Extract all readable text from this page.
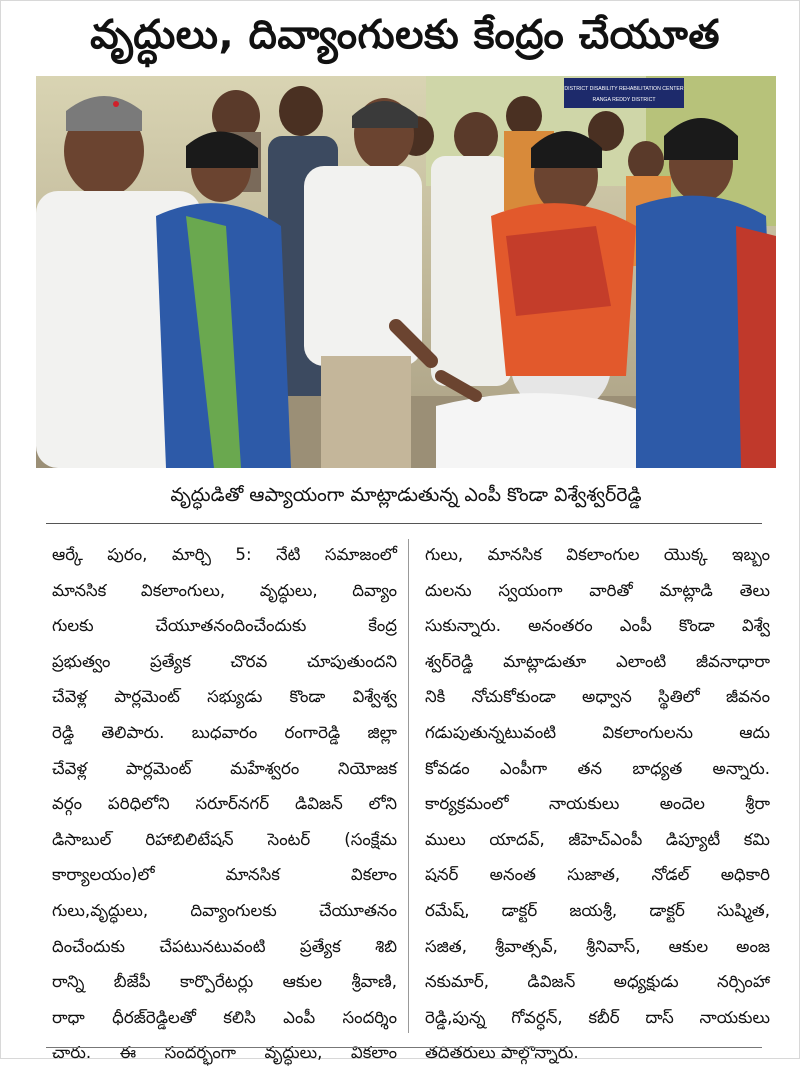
వృద్ధులు, దివ్యాంగులకు కేంద్రం చేయూత
DISTRICT DISABILITY REHABILITATION CENTER
RANGA REDDY DISTRICT

వృద్ధుడితో ఆప్యాయంగా మాట్లాడుతున్న ఎంపీ కొండా విశ్వేశ్వర్‌రెడ్డి

ఆర్కే పురం, మార్చి 5: నేటి సమాజంలో
మానసిక వికలాంగులు, వృద్ధులు, దివ్యాం
గులకు చేయూతనందించేందుకు కేంద్ర
ప్రభుత్వం ప్రత్యేక చొరవ చూపుతుందని
చేవెళ్ల పార్లమెంట్ సభ్యుడు కొండా విశ్వేశ్వ
రెడ్డి తెలిపారు. బుధవారం రంగారెడ్డి జిల్లా
చేవెళ్ల పార్లమెంట్ మహేశ్వరం నియోజక
వర్గం పరిధిలోని సరూర్‌నగర్ డివిజన్ లోని
డిసాబుల్ రిహాబిలిటేషన్ సెంటర్ (సంక్షేమ
కార్యాలయం)లో మానసిక వికలాం
గులు,వృద్ధులు, దివ్యాంగులకు చేయూతనం
దించేందుకు చేపటునటువంటి ప్రత్యేక శిబి
రాన్ని బీజేపీ కార్పొరేటర్లు ఆకుల శ్రీవాణి,
రాధా ధీరజ్‌రెడ్డిలతో కలిసి ఎంపీ సందర్శిం
చారు. ఈ సందర్భంగా వృద్ధులు, వికలాం
గులు, మానసిక వికలాంగుల యొక్క ఇబ్బం
దులను స్వయంగా వారితో మాట్లాడి తెలు
సుకున్నారు. అనంతరం ఎంపీ కొండా విశ్వే
శ్వర్‌రెడ్డి మాట్లాడుతూ ఎలాంటి జీవనాధారా
నికి నోచుకోకుండా అధ్వాన స్థితిలో జీవనం
గడుపుతున్నటువంటి వికలాంగులను ఆదు
కోవడం ఎంపీగా తన బాధ్యత అన్నారు.
కార్యక్రమంలో నాయకులు అందెల శ్రీరా
ములు యాదవ్, జీహెచ్ఎంపీ డిప్యూటీ కమి
షనర్ అనంత సుజాత, నోడల్ అధికారి
రమేష్, డాక్టర్ జయశ్రీ, డాక్టర్ సుష్మిత,
సజిత, శ్రీవాత్సవ్, శ్రీనివాస్, ఆకుల అంజ
నకుమార్, డివిజన్ అధ్యక్షుడు నర్సింహా
రెడ్డి,పున్న గోవర్ధన్, కబీర్ దాస్ నాయకులు
తదితరులు పాల్గొన్నారు.
